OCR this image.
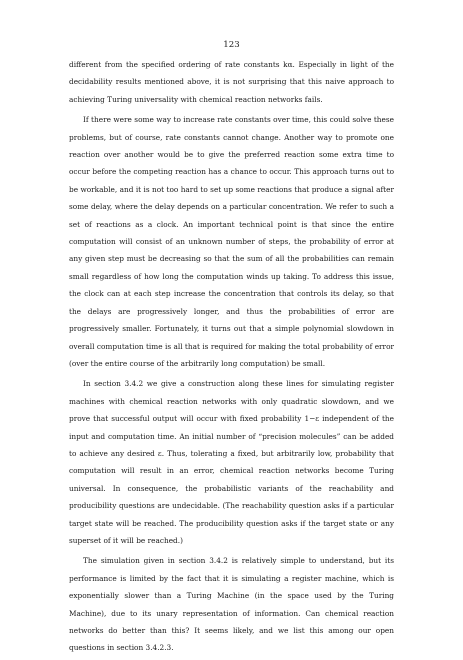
123

different from the specified ordering of rate constants kα. Especially in light of the decidability results mentioned above, it is not surprising that this naive approach to achieving Turing universality with chemical reaction networks fails.

If there were some way to increase rate constants over time, this could solve these problems, but of course, rate constants cannot change. Another way to promote one reaction over another would be to give the preferred reaction some extra time to occur before the competing reaction has a chance to occur. This approach turns out to be workable, and it is not too hard to set up some reactions that produce a signal after some delay, where the delay depends on a particular concentration. We refer to such a set of reactions as a clock. An important technical point is that since the entire computation will consist of an unknown number of steps, the probability of error at any given step must be decreasing so that the sum of all the probabilities can remain small regardless of how long the computation winds up taking. To address this issue, the clock can at each step increase the concentration that controls its delay, so that the delays are progressively longer, and thus the probabilities of error are progressively smaller. Fortunately, it turns out that a simple polynomial slowdown in overall computation time is all that is required for making the total probability of error (over the entire course of the arbitrarily long computation) be small.

In section 3.4.2 we give a construction along these lines for simulating register machines with chemical reaction networks with only quadratic slowdown, and we prove that successful output will occur with fixed probability 1−ε independent of the input and computation time. An initial number of “precision molecules” can be added to achieve any desired ε. Thus, tolerating a fixed, but arbitrarily low, probability that computation will result in an error, chemical reaction networks become Turing universal. In consequence, the probabilistic variants of the reachability and producibility questions are undecidable. (The reachability question asks if a particular target state will be reached. The producibility question asks if the target state or any superset of it will be reached.)

The simulation given in section 3.4.2 is relatively simple to understand, but its performance is limited by the fact that it is simulating a register machine, which is exponentially slower than a Turing Machine (in the space used by the Turing Machine), due to its unary representation of information. Can chemical reaction networks do better than this? It seems likely, and we list this among our open questions in section 3.4.2.3.
